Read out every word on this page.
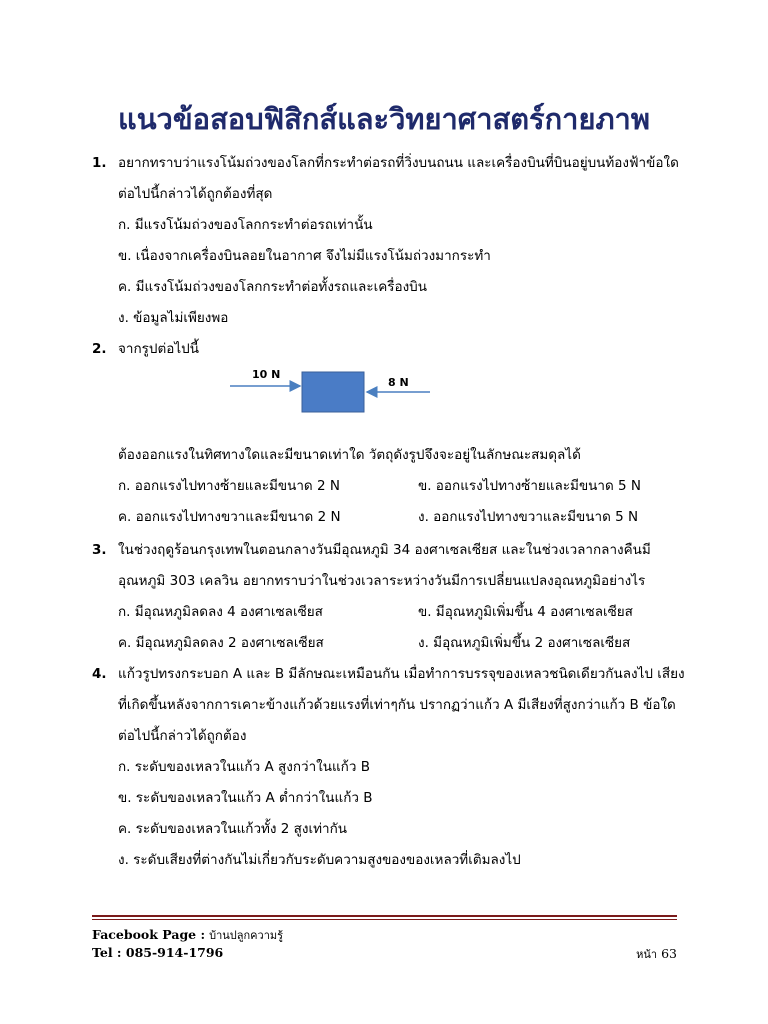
แนวข้อสอบฟิสิกส์และวิทยาศาสตร์กายภาพ
1. อยากทราบว่าแรงโน้มถ่วงของโลกที่กระทำต่อรถที่วิ่งบนถนน และเครื่องบินที่บินอยู่บนท้องฟ้าข้อใด
ต่อไปนี้กล่าวได้ถูกต้องที่สุด
ก. มีแรงโน้มถ่วงของโลกกระทำต่อรถเท่านั้น
ข. เนื่องจากเครื่องบินลอยในอากาศ จึงไม่มีแรงโน้มถ่วงมากระทำ
ค. มีแรงโน้มถ่วงของโลกกระทำต่อทั้งรถและเครื่องบิน
ง. ข้อมูลไม่เพียงพอ
2. จากรูปต่อไปนี้
10 N
8 N
ต้องออกแรงในทิศทางใดและมีขนาดเท่าใด วัตถุดังรูปจึงจะอยู่ในลักษณะสมดุลได้
ก. ออกแรงไปทางซ้ายและมีขนาด 2 N	ข. ออกแรงไปทางซ้ายและมีขนาด 5 N
ค. ออกแรงไปทางขวาและมีขนาด 2 N	ง. ออกแรงไปทางขวาและมีขนาด 5 N
3. ในช่วงฤดูร้อนกรุงเทพในตอนกลางวันมีอุณหภูมิ 34 องศาเซลเซียส และในช่วงเวลากลางคืนมี
อุณหภูมิ 303 เคลวิน อยากทราบว่าในช่วงเวลาระหว่างวันมีการเปลี่ยนแปลงอุณหภูมิอย่างไร
ก. มีอุณหภูมิลดลง 4 องศาเซลเซียส	ข. มีอุณหภูมิเพิ่มขึ้น 4 องศาเซลเซียส
ค. มีอุณหภูมิลดลง 2 องศาเซลเซียส	ง. มีอุณหภูมิเพิ่มขึ้น 2 องศาเซลเซียส
4. แก้วรูปทรงกระบอก A และ B มีลักษณะเหมือนกัน เมื่อทำการบรรจุของเหลวชนิดเดียวกันลงไป เสียง
ที่เกิดขึ้นหลังจากการเคาะข้างแก้วด้วยแรงที่เท่าๆกัน ปรากฏว่าแก้ว A มีเสียงที่สูงกว่าแก้ว B ข้อใด
ต่อไปนี้กล่าวได้ถูกต้อง
ก. ระดับของเหลวในแก้ว A สูงกว่าในแก้ว B
ข. ระดับของเหลวในแก้ว A ต่ำกว่าในแก้ว B
ค. ระดับของเหลวในแก้วทั้ง 2 สูงเท่ากัน
ง. ระดับเสียงที่ต่างกันไม่เกี่ยวกับระดับความสูงของของเหลวที่เติมลงไป
Facebook Page : บ้านปลูกความรู้
Tel : 085-914-1796	หน้า 63
